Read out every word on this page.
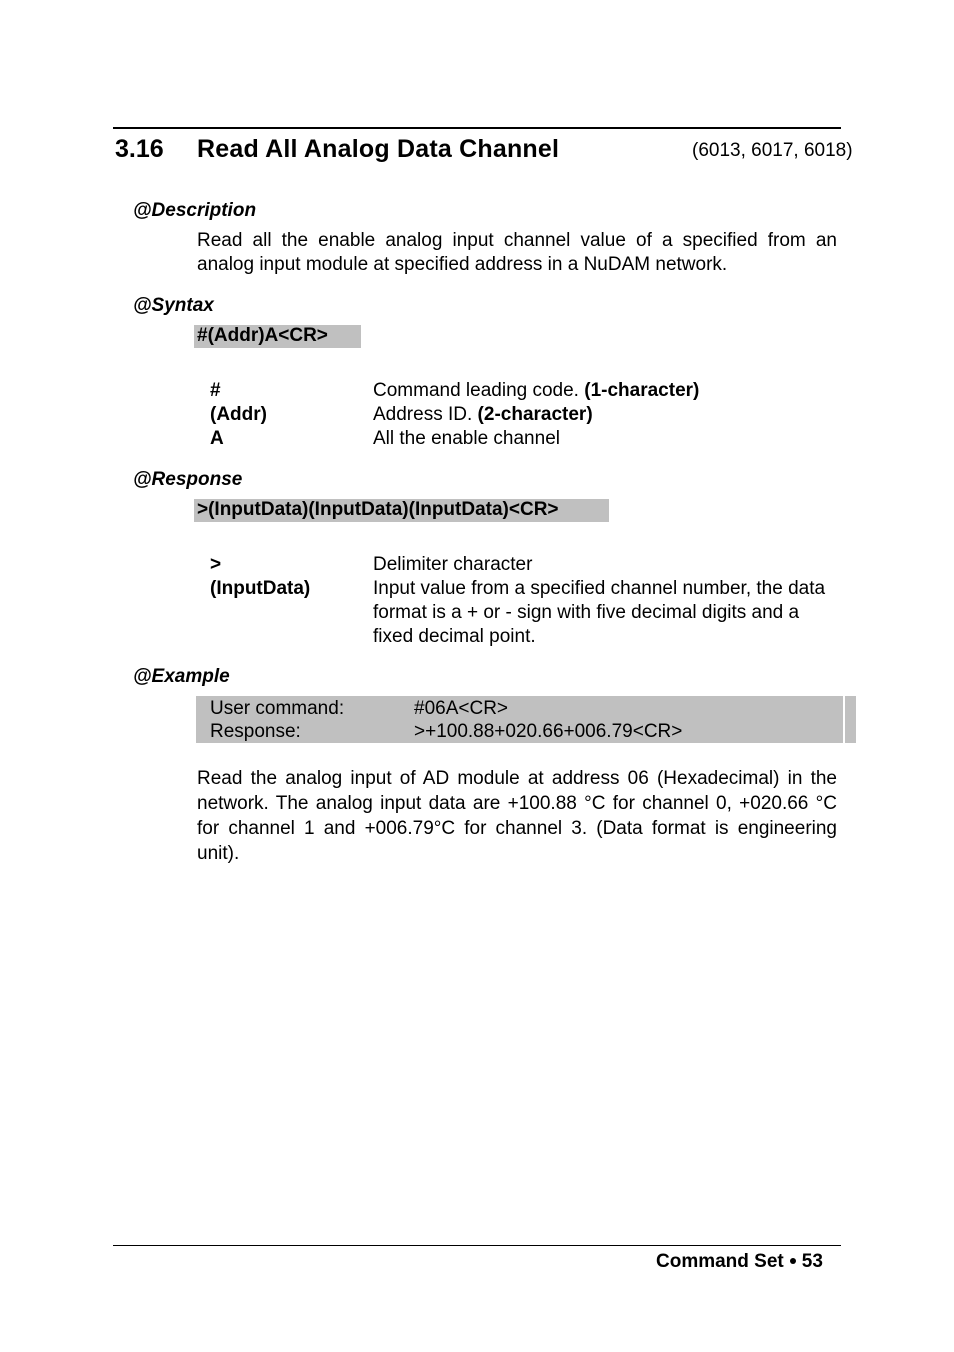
3.16 Read All Analog Data Channel	(6013, 6017, 6018)
@Description
Read all the enable analog input channel value of a specified from an analog input module at specified address in a NuDAM network.
@Syntax
#(Addr)A<CR>
#	Command leading code. (1-character)
(Addr)	Address ID. (2-character)
A	All the enable channel
@Response
>(InputData)(InputData)(InputData)<CR>
>	Delimiter character
(InputData)	Input value from a specified channel number, the data format is a + or - sign with five decimal digits and a fixed decimal point.
@Example
User command:	#06A<CR>
Response:	>+100.88+020.66+006.79<CR>
Read the analog input of AD module at address 06 (Hexadecimal) in the network. The analog input data are +100.88 °C for channel 0, +020.66 °C for channel 1 and +006.79°C for channel 3. (Data format is engineering unit).
Command Set 53
